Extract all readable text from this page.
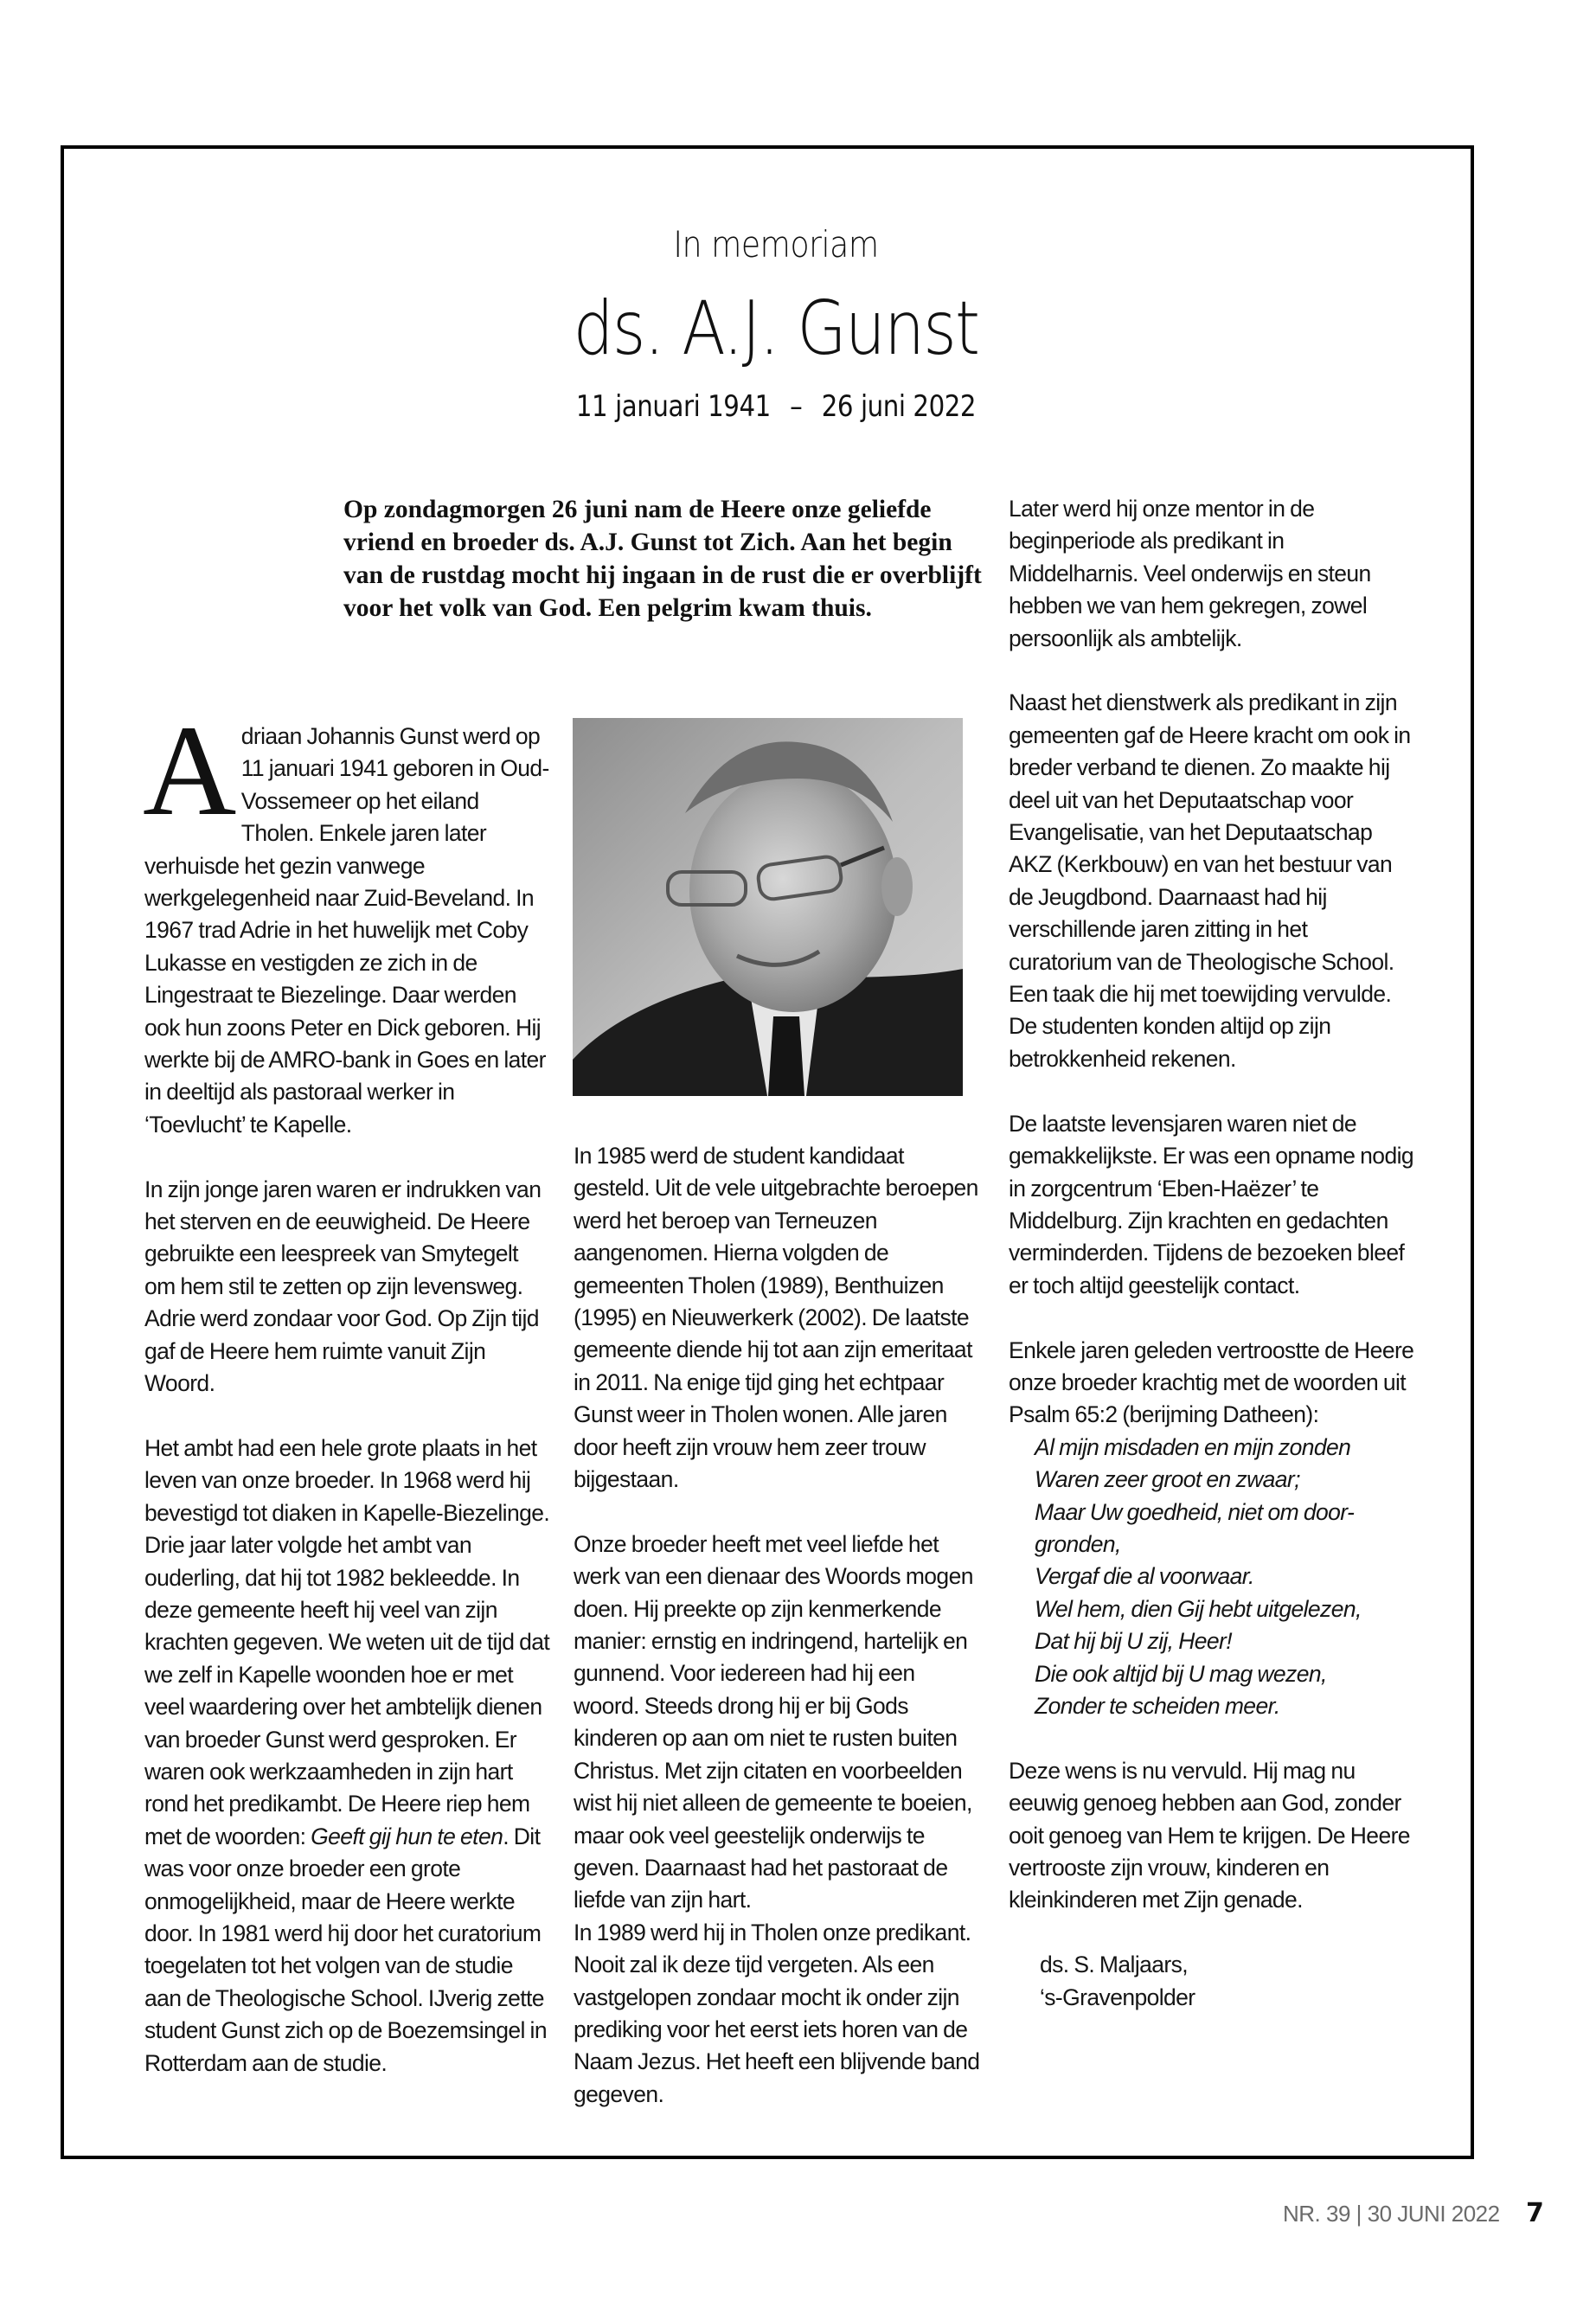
In memoriam
ds. A.J. Gunst
11 januari 1941 – 26 juni 2022
Op zondagmorgen 26 juni nam de Heere onze geliefde vriend en broeder ds. A.J. Gunst tot Zich. Aan het begin van de rustdag mocht hij ingaan in de rust die er overblijft voor het volk van God. Een pelgrim kwam thuis.

Adriaan Johannis Gunst werd op 11 januari 1941 geboren in Oud-Vossemeer op het eiland Tholen. Enkele jaren later verhuisde het gezin vanwege werkgelegenheid naar Zuid-Beveland. In 1967 trad Adrie in het huwelijk met Coby Lukasse en vestigden ze zich in de Lingestraat te Biezelinge. Daar werden ook hun zoons Peter en Dick geboren. Hij werkte bij de AMRO-bank in Goes en later in deeltijd als pastoraal werker in ‘Toevlucht’ te Kapelle.

In zijn jonge jaren waren er indrukken van het sterven en de eeuwigheid. De Heere gebruikte een leespreek van Smytegelt om hem stil te zetten op zijn levensweg. Adrie werd zondaar voor God. Op Zijn tijd gaf de Heere hem ruimte vanuit Zijn Woord.

Het ambt had een hele grote plaats in het leven van onze broeder. In 1968 werd hij bevestigd tot diaken in Kapelle-Biezelinge. Drie jaar later volgde het ambt van ouderling, dat hij tot 1982 bekleedde. In deze gemeente heeft hij veel van zijn krachten gegeven. We weten uit de tijd dat we zelf in Kapelle woonden hoe er met veel waardering over het ambtelijk dienen van broeder Gunst werd gesproken. Er waren ook werkzaamheden in zijn hart rond het predikambt. De Heere riep hem met de woorden: Geeft gij hun te eten. Dit was voor onze broeder een grote onmogelijkheid, maar de Heere werkte door. In 1981 werd hij door het curatorium toegelaten tot het volgen van de studie aan de Theologische School. IJverig zette student Gunst zich op de Boezemsingel in Rotterdam aan de studie.

In 1985 werd de student kandidaat gesteld. Uit de vele uitgebrachte beroepen werd het beroep van Terneuzen aangenomen. Hierna volgden de gemeenten Tholen (1989), Benthuizen (1995) en Nieuwerkerk (2002). De laatste gemeente diende hij tot aan zijn emeritaat in 2011. Na enige tijd ging het echtpaar Gunst weer in Tholen wonen. Alle jaren door heeft zijn vrouw hem zeer trouw bijgestaan.

Onze broeder heeft met veel liefde het werk van een dienaar des Woords mogen doen. Hij preekte op zijn kenmerkende manier: ernstig en indringend, hartelijk en gunnend. Voor iedereen had hij een woord. Steeds drong hij er bij Gods kinderen op aan om niet te rusten buiten Christus. Met zijn citaten en voorbeelden wist hij niet alleen de gemeente te boeien, maar ook veel geestelijk onderwijs te geven. Daarnaast had het pastoraat de liefde van zijn hart.

In 1989 werd hij in Tholen onze predikant. Nooit zal ik deze tijd vergeten. Als een vastgelopen zondaar mocht ik onder zijn prediking voor het eerst iets horen van de Naam Jezus. Het heeft een blijvende band gegeven.

Later werd hij onze mentor in de beginperiode als predikant in Middelharnis. Veel onderwijs en steun hebben we van hem gekregen, zowel persoonlijk als ambtelijk.

Naast het dienstwerk als predikant in zijn gemeenten gaf de Heere kracht om ook in breder verband te dienen. Zo maakte hij deel uit van het Deputaatschap voor Evangelisatie, van het Deputaatschap AKZ (Kerkbouw) en van het bestuur van de Jeugdbond. Daarnaast had hij verschillende jaren zitting in het curatorium van de Theologische School. Een taak die hij met toewijding vervulde. De studenten konden altijd op zijn betrokkenheid rekenen.

De laatste levensjaren waren niet de gemakkelijkste. Er was een opname nodig in zorgcentrum ‘Eben-Haëzer’ te Middelburg. Zijn krachten en gedachten verminderden. Tijdens de bezoeken bleef er toch altijd geestelijk contact.

Enkele jaren geleden vertroostte de Heere onze broeder krachtig met de woorden uit Psalm 65:2 (berijming Datheen):

Al mijn misdaden en mijn zonden
Waren zeer groot en zwaar;
Maar Uw goedheid, niet om door-
gronden,
Vergaf die al voorwaar.
Wel hem, dien Gij hebt uitgelezen,
Dat hij bij U zij, Heer!
Die ook altijd bij U mag wezen,
Zonder te scheiden meer.

Deze wens is nu vervuld. Hij mag nu eeuwig genoeg hebben aan God, zonder ooit genoeg van Hem te krijgen. De Heere vertrooste zijn vrouw, kinderen en kleinkinderen met Zijn genade.

ds. S. Maljaars,
‘s-Gravenpolder
NR. 39 | 30 JUNI 2022 7
